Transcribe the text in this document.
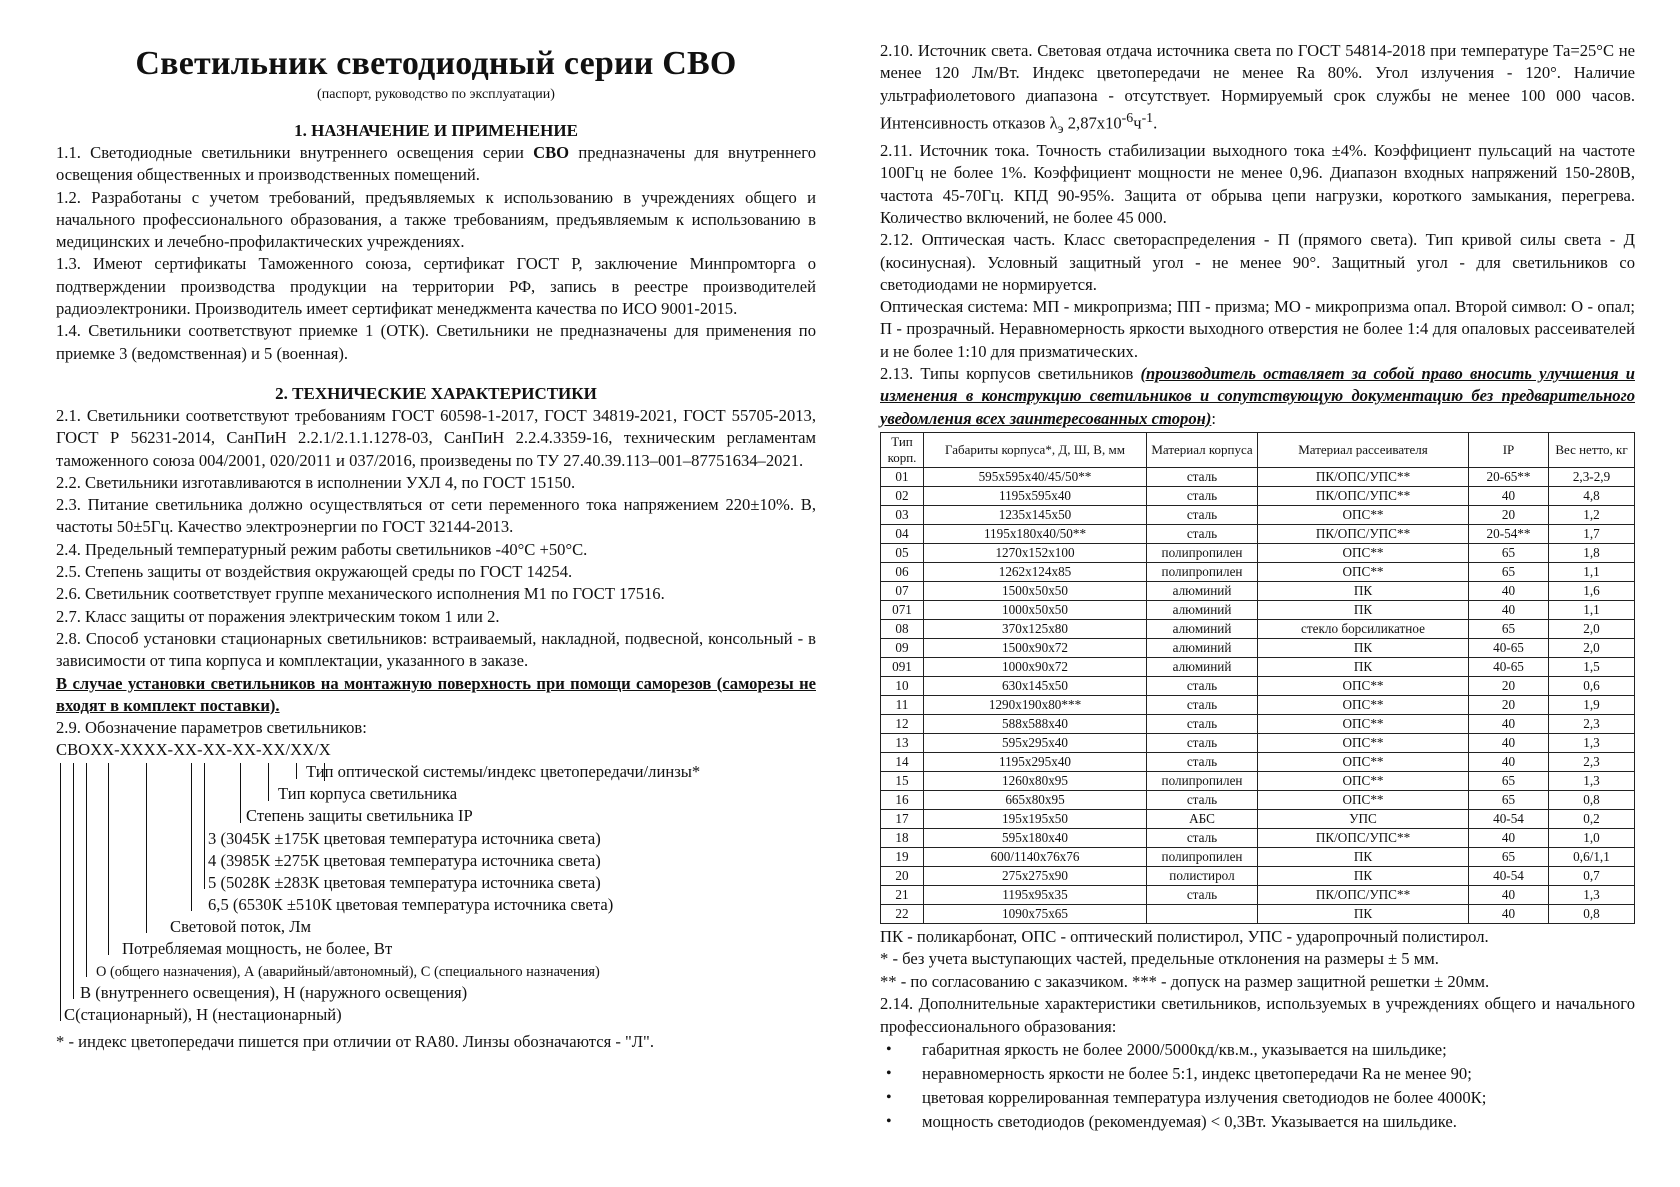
Светильник светодиодный серии СВО

(паспорт, руководство по эксплуатации)

1. НАЗНАЧЕНИЕ И ПРИМЕНЕНИЕ

1.1. Светодиодные светильники внутреннего освещения серии СВО предназначены для внутреннего освещения общественных и производственных помещений.

1.2. Разработаны с учетом требований, предъявляемых к использованию в учреждениях общего и начального профессионального образования, а также требованиям, предъявляемым к использованию в медицинских и лечебно-профилактических учреждениях.

1.3. Имеют сертификаты Таможенного союза, сертификат ГОСТ Р, заключение Минпромторга о подтверждении производства продукции на территории РФ, запись в реестре производителей радиоэлектроники. Производитель имеет сертификат менеджмента качества по ИСО 9001-2015.

1.4. Светильники соответствуют приемке 1 (ОТК). Светильники не предназначены для применения по приемке 3 (ведомственная) и 5 (военная).

2. ТЕХНИЧЕСКИЕ ХАРАКТЕРИСТИКИ

2.1. Светильники соответствуют требованиям ГОСТ 60598-1-2017, ГОСТ 34819-2021, ГОСТ 55705-2013, ГОСТ Р 56231-2014, СанПиН 2.2.1/2.1.1.1278-03, СанПиН 2.2.4.3359-16, техническим регламентам таможенного союза 004/2001, 020/2011 и 037/2016, произведены по ТУ 27.40.39.113–001–87751634–2021.

2.2. Светильники изготавливаются в исполнении УХЛ 4, по ГОСТ 15150.

2.3. Питание светильника должно осуществляться от сети переменного тока напряжением 220±10%. В, частоты 50±5Гц. Качество электроэнергии по ГОСТ 32144-2013.

2.4. Предельный температурный режим работы светильников -40°С +50°С.

2.5. Степень защиты от воздействия окружающей среды по ГОСТ 14254.

2.6. Светильник соответствует группе механического исполнения М1 по ГОСТ 17516.

2.7. Класс защиты от поражения электрическим током 1 или 2.

2.8. Способ установки стационарных светильников: встраиваемый, накладной, подвесной, консольный - в зависимости от типа корпуса и комплектации, указанного в заказе.

В случае установки светильников на монтажную поверхность при помощи саморезов (саморезы не входят в комплект поставки).

2.9. Обозначение параметров светильников:

СВОXX-XXXX-XX-XX-XX-XX/XX/X
Тип оптической системы/индекс цветопередачи/линзы*
Тип корпуса светильника
Степень защиты светильника IP
3 (3045К ±175К цветовая температура источника света)
4 (3985К ±275К цветовая температура источника света)
5 (5028К ±283К цветовая температура источника света)
6,5 (6530К ±510К цветовая температура источника света)
Световой поток, Лм
Потребляемая мощность, не более, Вт
О (общего назначения), А (аварийный/автономный), С (специального назначения)
В (внутреннего освещения), Н (наружного освещения)
С(стационарный), Н (нестационарный)

* - индекс цветопередачи пишется при отличии от RA80. Линзы обозначаются - "Л".

2.10. Источник света. Световая отдача источника света по ГОСТ 54814-2018 при температуре Та=25°С не менее 120 Лм/Вт. Индекс цветопередачи не менее Ra 80%. Угол излучения - 120°. Наличие ультрафиолетового диапазона - отсутствует. Нормируемый срок службы не менее 100 000 часов. Интенсивность отказов $\lambda_э$ $2,87х10^{-6}ч^{-1}$.

2.11. Источник тока. Точность стабилизации выходного тока ±4%. Коэффициент пульсаций на частоте 100Гц не более 1%. Коэффициент мощности не менее 0,96. Диапазон входных напряжений 150-280В, частота 45-70Гц. КПД 90-95%. Защита от обрыва цепи нагрузки, короткого замыкания, перегрева. Количество включений, не более 45 000.

2.12. Оптическая часть. Класс светораспределения - П (прямого света). Тип кривой силы света - Д (косинусная). Условный защитный угол - не менее 90°. Защитный угол - для светильников со светодиодами не нормируется.

Оптическая система: МП - микропризма; ПП - призма; МО - микропризма опал. Второй символ: О - опал; П - прозрачный. Неравномерность яркости выходного отверстия не более 1:4 для опаловых рассеивателей и не более 1:10 для призматических.

2.13. Типы корпусов светильников (производитель оставляет за собой право вносить улучшения и изменения в конструкцию светильников и сопутствующую документацию без предварительного уведомления всех заинтересованных сторон):

Тип корп.	Габариты корпуса*, Д, Ш, В, мм	Материал корпуса	Материал рассеивателя	IP	Вес нетто, кг
01	595х595х40/45/50**	сталь	ПК/ОПС/УПС**	20-65**	2,3-2,9
02	1195х595х40	сталь	ПК/ОПС/УПС**	40	4,8
03	1235х145х50	сталь	ОПС**	20	1,2
04	1195х180х40/50**	сталь	ПК/ОПС/УПС**	20-54**	1,7
05	1270х152х100	полипропилен	ОПС**	65	1,8
06	1262х124х85	полипропилен	ОПС**	65	1,1
07	1500х50х50	алюминий	ПК	40	1,6
071	1000х50х50	алюминий	ПК	40	1,1
08	370х125х80	алюминий	стекло борсиликатное	65	2,0
09	1500х90х72	алюминий	ПК	40-65	2,0
091	1000х90х72	алюминий	ПК	40-65	1,5
10	630х145х50	сталь	ОПС**	20	0,6
11	1290х190х80***	сталь	ОПС**	20	1,9
12	588х588х40	сталь	ОПС**	40	2,3
13	595х295х40	сталь	ОПС**	40	1,3
14	1195х295х40	сталь	ОПС**	40	2,3
15	1260х80х95	полипропилен	ОПС**	65	1,3
16	665х80х95	сталь	ОПС**	65	0,8
17	195х195х50	АБС	УПС	40-54	0,2
18	595х180х40	сталь	ПК/ОПС/УПС**	40	1,0
19	600/1140х76х76	полипропилен	ПК	65	0,6/1,1
20	275х275х90	полистирол	ПК	40-54	0,7
21	1195х95х35	сталь	ПК/ОПС/УПС**	40	1,3
22	1090х75х65		ПК	40	0,8

ПК - поликарбонат, ОПС - оптический полистирол, УПС - ударопрочный полистирол.

* - без учета выступающих частей, предельные отклонения на размеры ± 5 мм.

** - по согласованию с заказчиком. *** - допуск на размер защитной решетки ± 20мм.

2.14. Дополнительные характеристики светильников, используемых в учреждениях общего и начального профессионального образования:

• габаритная яркость не более 2000/5000кд/кв.м., указывается на шильдике;
• неравномерность яркости не более 5:1, индекс цветопередачи Ra не менее 90;
• цветовая коррелированная температура излучения светодиодов не более 4000К;
• мощность светодиодов (рекомендуемая) < 0,3Вт. Указывается на шильдике.
